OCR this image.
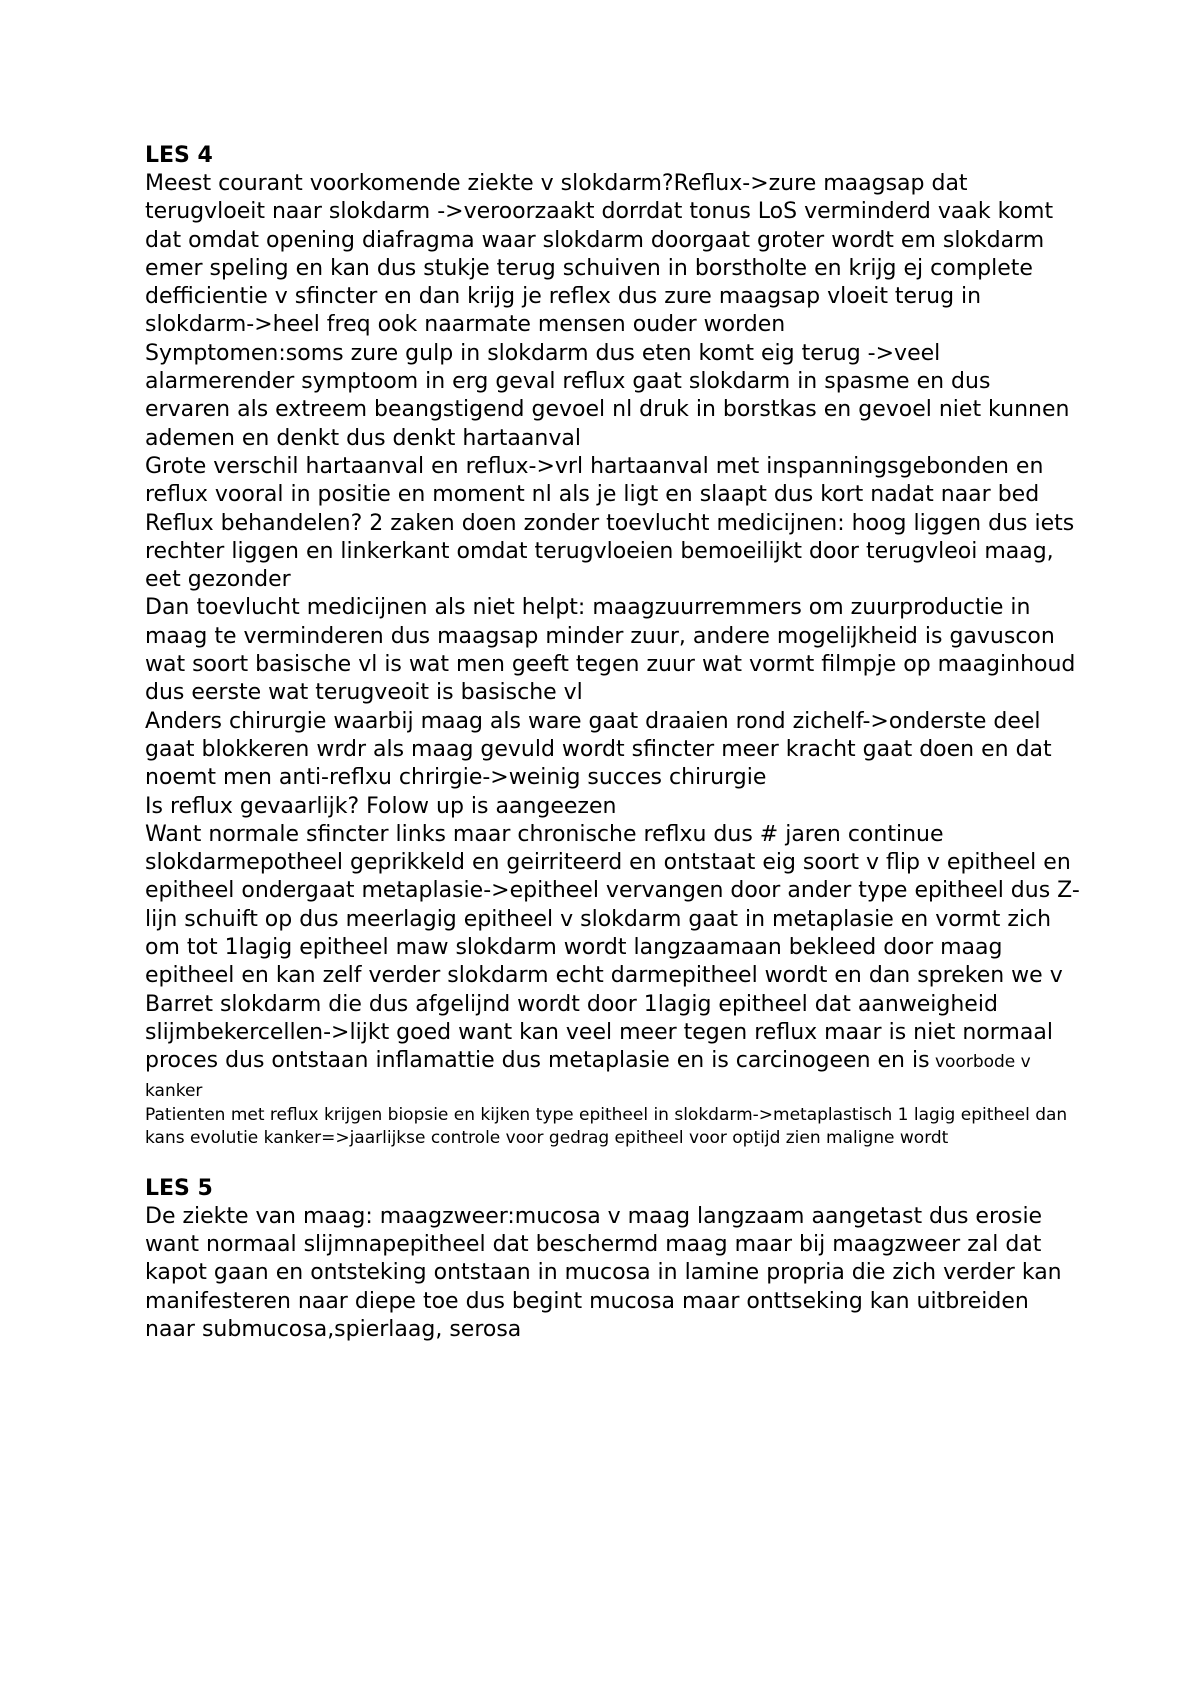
LES 4

Meest courant voorkomende ziekte v slokdarm?Reflux->zure maagsap dat terugvloeit naar slokdarm ->veroorzaakt dorrdat tonus LoS verminderd vaak komt dat omdat opening diafragma waar slokdarm doorgaat groter wordt em slokdarm emer speling en kan dus stukje terug schuiven in borstholte en krijg ej complete defficientie v sfincter en dan krijg je reflex dus zure maagsap vloeit terug in slokdarm->heel freq ook naarmate mensen ouder worden

Symptomen:soms zure gulp in slokdarm dus eten komt eig terug ->veel alarmerender symptoom in erg geval reflux gaat slokdarm in spasme en dus ervaren als extreem beangstigend gevoel nl druk in borstkas en gevoel niet kunnen ademen en denkt dus denkt hartaanval

Grote verschil hartaanval en reflux->vrl hartaanval met inspanningsgebonden en reflux vooral in positie en moment nl als je ligt en slaapt dus kort nadat naar bed

Reflux behandelen? 2 zaken doen zonder toevlucht medicijnen: hoog liggen dus iets rechter liggen en linkerkant omdat terugvloeien bemoeilijkt door terugvleoi maag, eet gezonder

Dan toevlucht medicijnen als niet helpt: maagzuurremmers om zuurproductie in maag te verminderen dus maagsap minder zuur, andere mogelijkheid is gavuscon wat soort basische vl is wat men geeft tegen zuur wat vormt filmpje op maaginhoud dus eerste wat terugveoit is basische vl

Anders chirurgie waarbij maag als ware gaat draaien rond zichelf->onderste deel gaat blokkeren wrdr als maag gevuld wordt sfincter meer kracht gaat doen en dat noemt men anti-reflxu chrirgie->weinig succes chirurgie

Is reflux gevaarlijk? Folow up is aangeezen

Want normale sfincter links maar chronische reflxu dus # jaren continue slokdarmepotheel geprikkeld en geirriteerd en ontstaat eig soort v flip v epitheel en epitheel ondergaat metaplasie->epitheel vervangen door ander type epitheel dus Z-lijn schuift op dus meerlagig epitheel v slokdarm gaat in metaplasie en vormt zich om tot 1lagig epitheel maw slokdarm wordt langzaamaan bekleed door maag epitheel en kan zelf verder slokdarm echt darmepitheel wordt en dan spreken we v Barret slokdarm die dus afgelijnd wordt door 1lagig epitheel dat aanweigheid slijmbekercellen->lijkt goed want kan veel meer tegen reflux maar is niet normaal proces dus ontstaan inflamattie dus metaplasie en is carcinogeen en is voorbode v kanker

Patienten met reflux krijgen biopsie en kijken type epitheel in slokdarm->metaplastisch 1 lagig epitheel dan kans evolutie kanker=>jaarlijkse controle voor gedrag epitheel voor optijd zien maligne wordt

LES 5

De ziekte van maag: maagzweer:mucosa v maag langzaam aangetast dus erosie want normaal slijmnapepitheel dat beschermd maag maar bij maagzweer zal dat kapot gaan en ontsteking ontstaan in mucosa in lamine propria die zich verder kan manifesteren naar diepe toe dus begint mucosa maar onttseking kan uitbreiden naar submucosa,spierlaag, serosa
